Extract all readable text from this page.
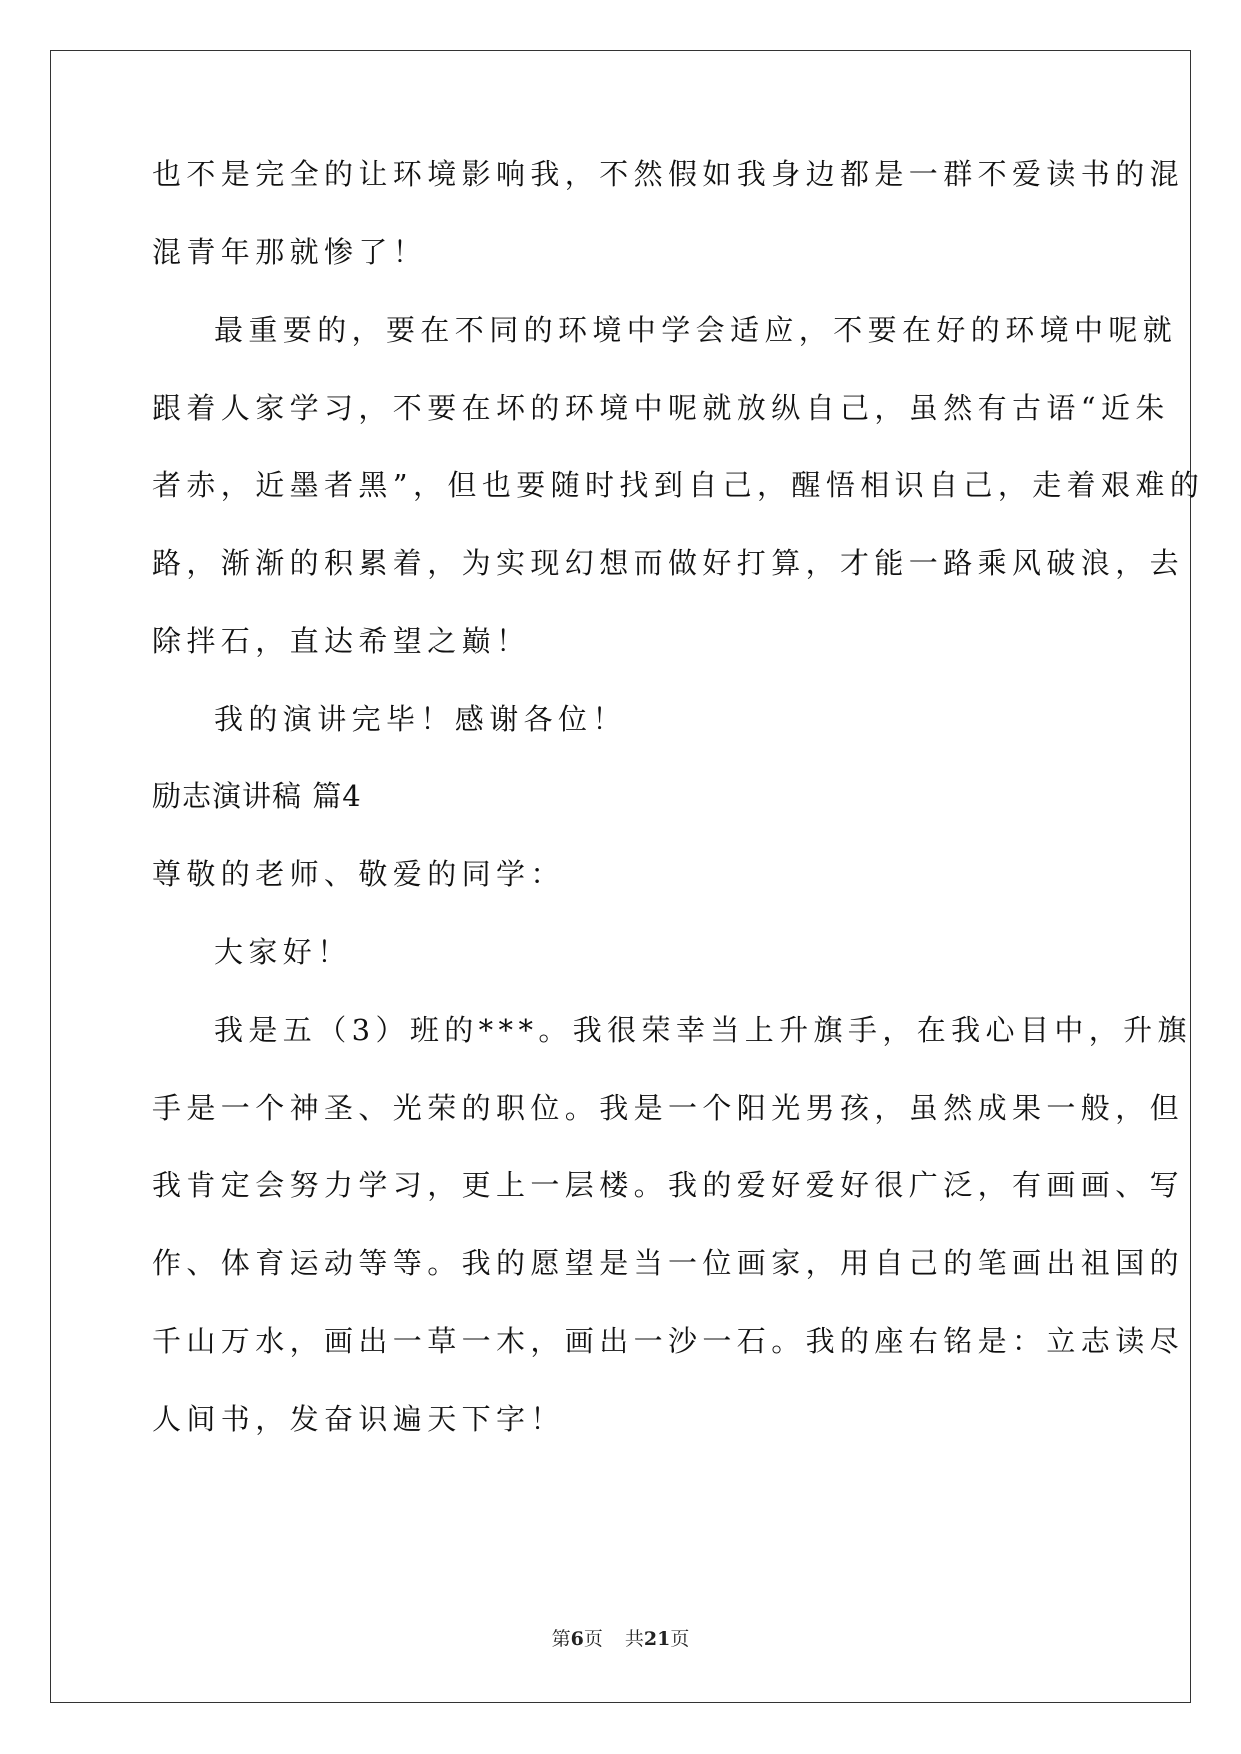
也不是完全的让环境影响我，不然假如我身边都是一群不爱读书的混
混青年那就惨了！
最重要的，要在不同的环境中学会适应，不要在好的环境中呢就
跟着人家学习，不要在坏的环境中呢就放纵自己，虽然有古语“近朱
者赤，近墨者黑”，但也要随时找到自己，醒悟相识自己，走着艰难的
路，渐渐的积累着，为实现幻想而做好打算，才能一路乘风破浪，去
除拌石，直达希望之巅！
我的演讲完毕！感谢各位！
励志演讲稿 篇4
尊敬的老师、敬爱的同学：
大家好！
我是五（3）班的***。我很荣幸当上升旗手，在我心目中，升旗
手是一个神圣、光荣的职位。我是一个阳光男孩，虽然成果一般，但
我肯定会努力学习，更上一层楼。我的爱好爱好很广泛，有画画、写
作、体育运动等等。我的愿望是当一位画家，用自己的笔画出祖国的
千山万水，画出一草一木，画出一沙一石。我的座右铭是：立志读尽
人间书，发奋识遍天下字！
第6页 共21页
